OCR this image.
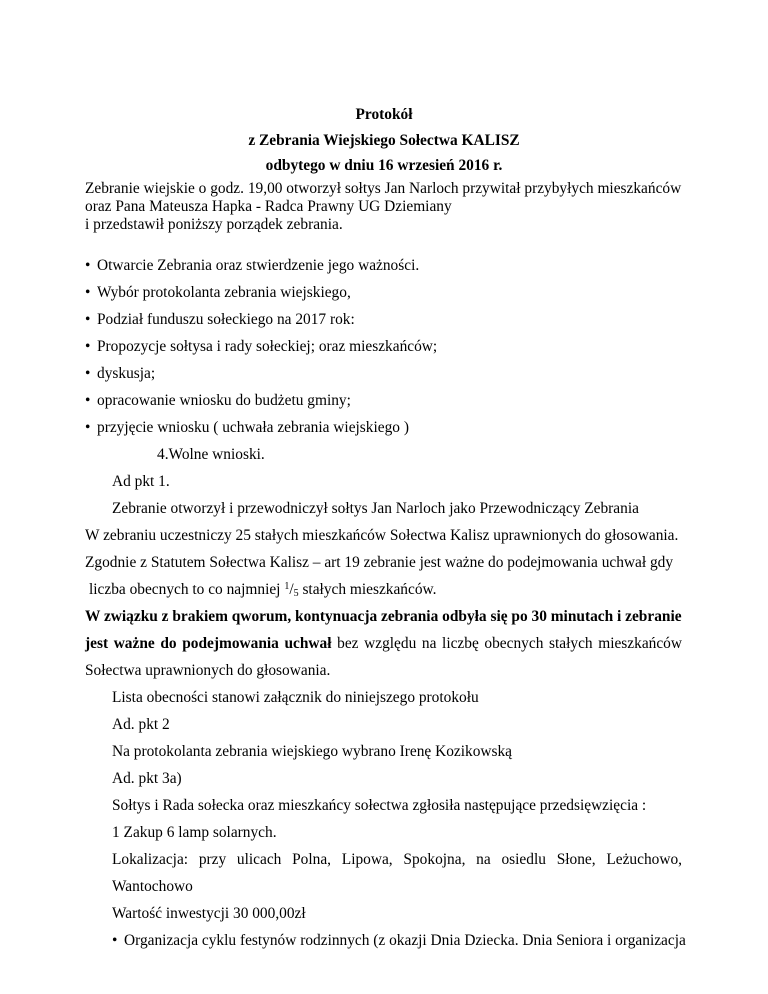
Protokół
z Zebrania Wiejskiego Sołectwa KALISZ
odbytego w dniu 16 wrzesień 2016 r.
Zebranie wiejskie o godz. 19,00 otworzył sołtys Jan Narloch przywitał przybyłych mieszkańców
oraz Pana Mateusza Hapka - Radca Prawny UG Dziemiany
i przedstawił poniższy porządek zebrania.
• Otwarcie Zebrania oraz stwierdzenie jego ważności.
• Wybór protokolanta zebrania wiejskiego,
• Podział funduszu sołeckiego na 2017 rok:
• Propozycje sołtysa i rady sołeckiej; oraz mieszkańców;
• dyskusja;
• opracowanie wniosku do budżetu gminy;
• przyjęcie wniosku ( uchwała zebrania wiejskiego )
4.Wolne wnioski.
Ad pkt 1.
Zebranie otworzył i przewodniczył sołtys Jan Narloch jako Przewodniczący Zebrania
W zebraniu uczestniczy 25 stałych mieszkańców Sołectwa Kalisz uprawnionych do głosowania.
Zgodnie z Statutem Sołectwa Kalisz – art 19 zebranie jest ważne do podejmowania uchwał gdy
liczba obecnych to co najmniej $^1/_5$ stałych mieszkańców.
W związku z brakiem qworum, kontynuacja zebrania odbyła się po 30 minutach i zebranie
jest ważne do podejmowania uchwał bez względu na liczbę obecnych stałych mieszkańców
Sołectwa uprawnionych do głosowania.
Lista obecności stanowi załącznik do niniejszego protokołu
Ad. pkt 2
Na protokolanta zebrania wiejskiego wybrano Irenę Kozikowską
Ad. pkt 3a)
Sołtys i Rada sołecka oraz mieszkańcy sołectwa zgłosiła następujące przedsięwzięcia :
1 Zakup 6 lamp solarnych.
Lokalizacja: przy ulicach Polna, Lipowa, Spokojna, na osiedlu Słone, Leżuchowo,
Wantochowo
Wartość inwestycji 30 000,00zł
• Organizacja cyklu festynów rodzinnych (z okazji Dnia Dziecka. Dnia Seniora i organizacja
